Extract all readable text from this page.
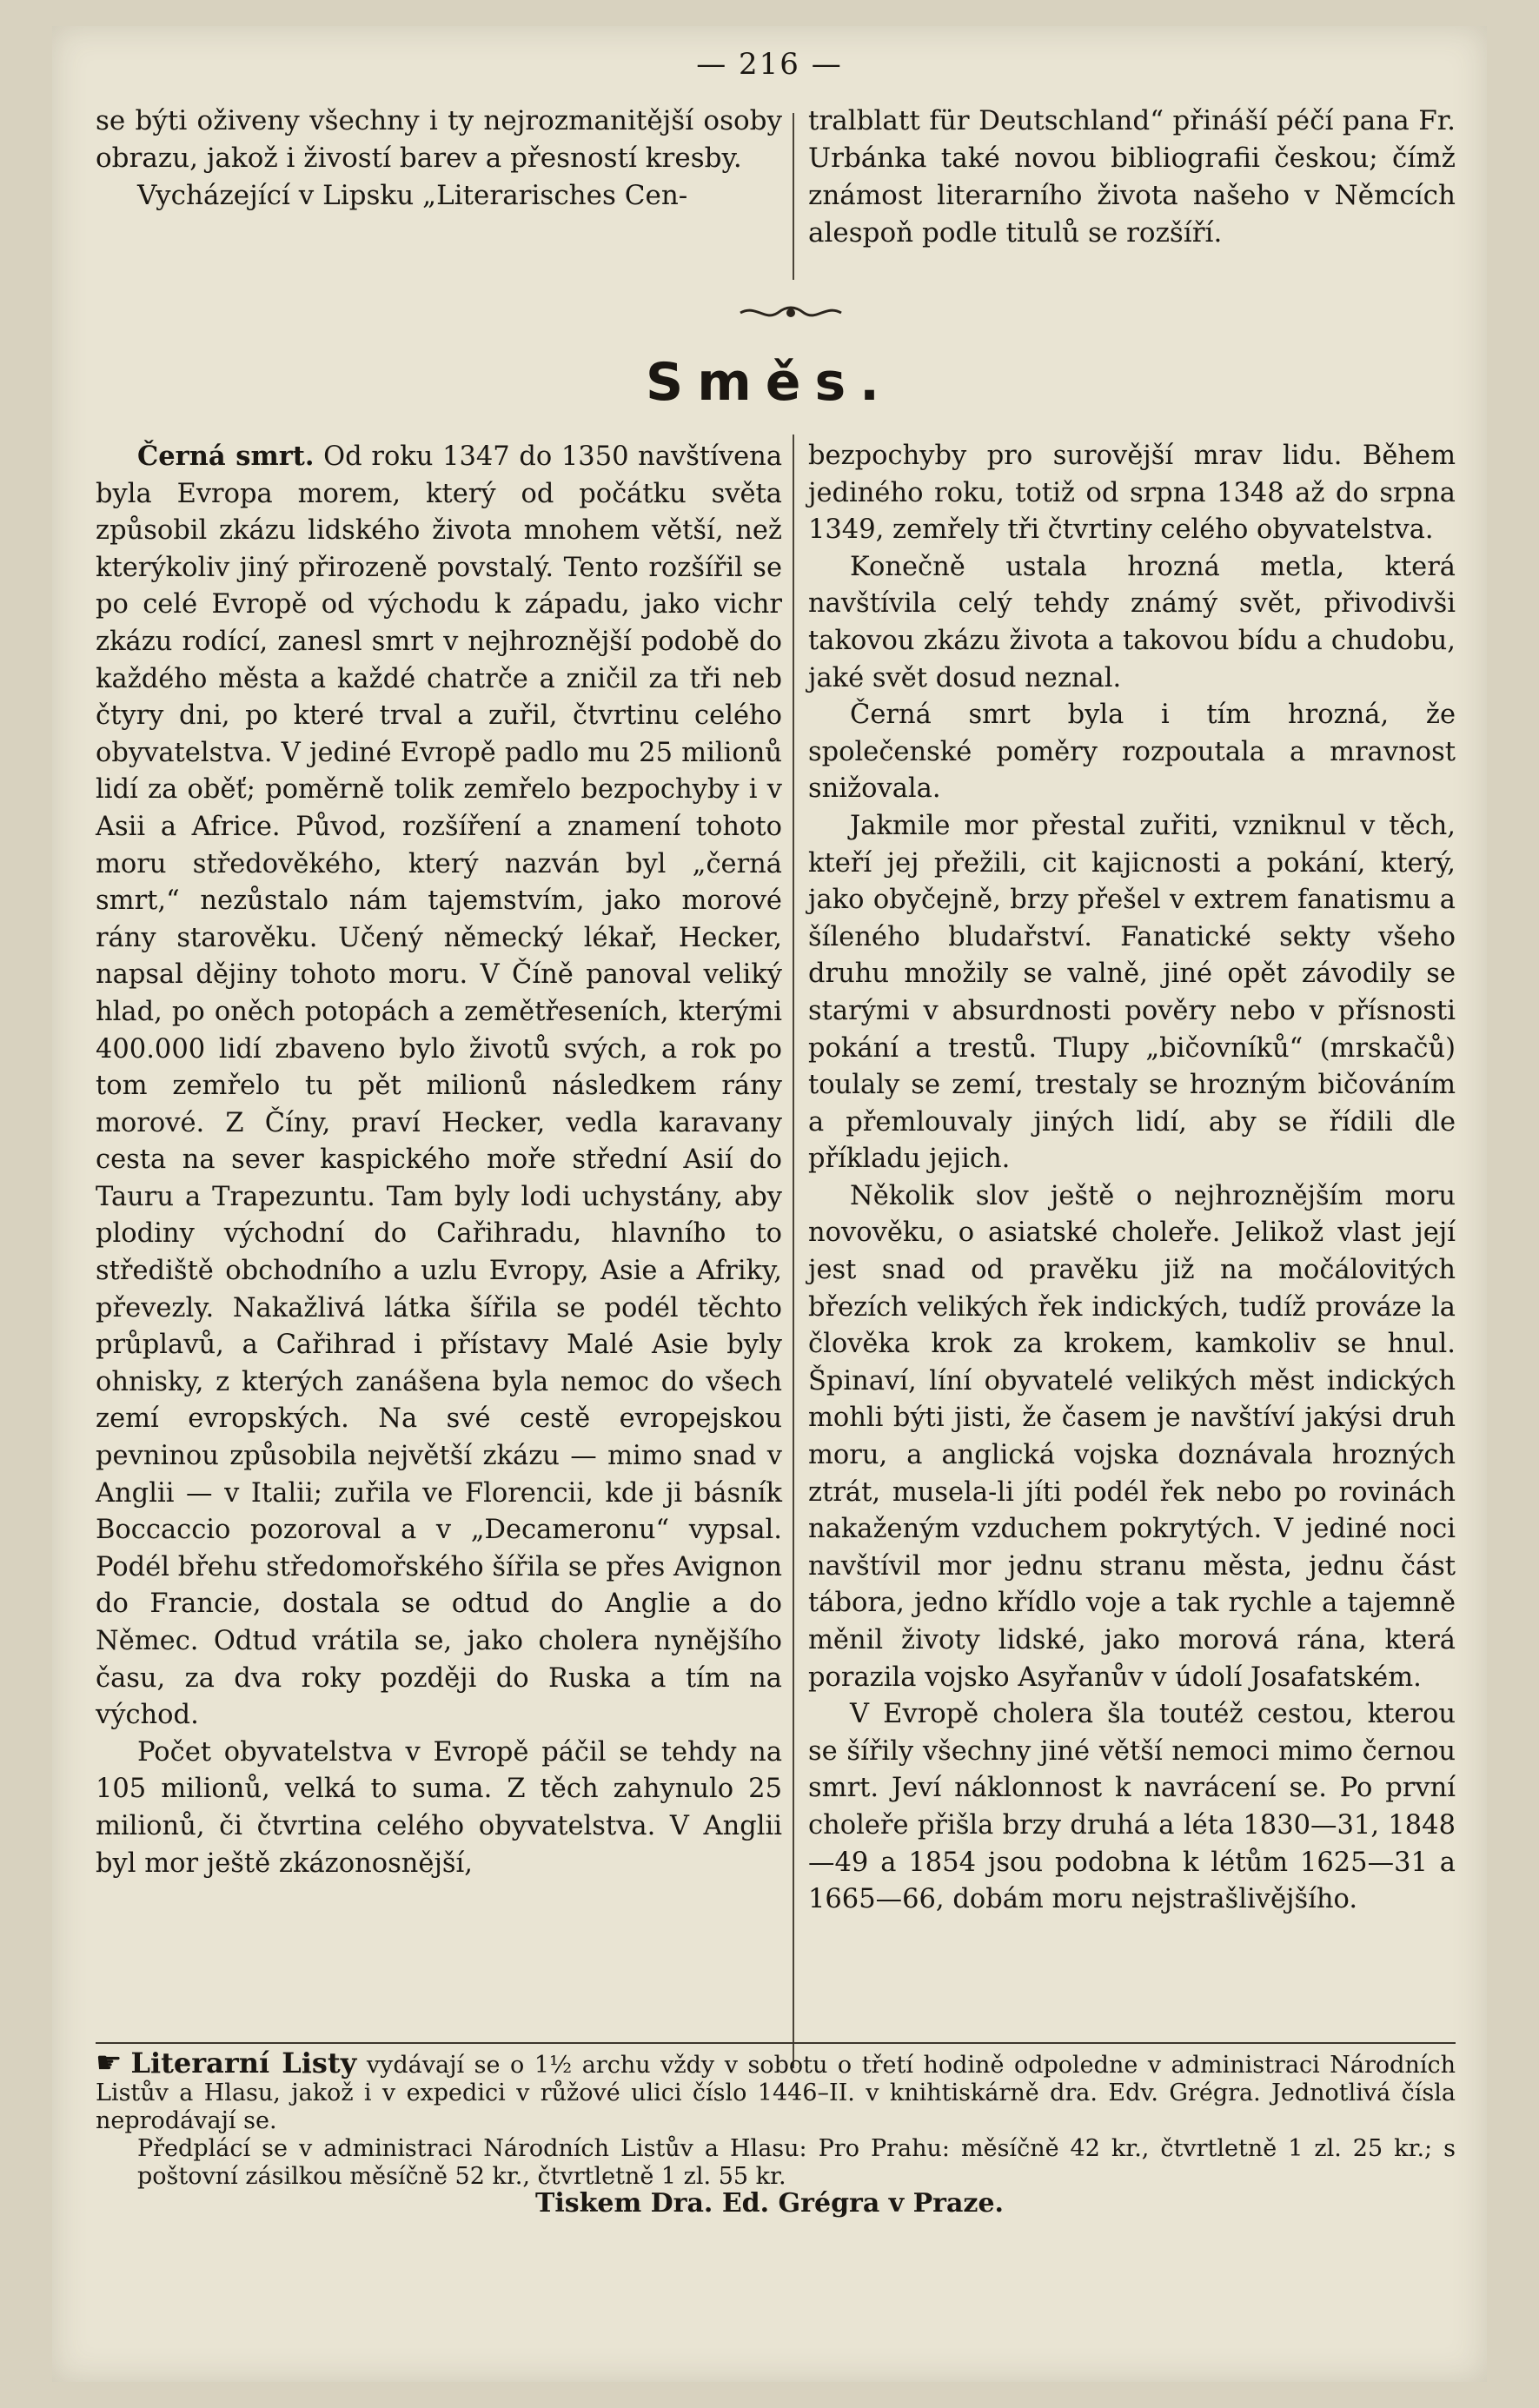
— 216 —

se býti oživeny všechny i ty nejrozmanitější osoby obrazu, jakož i živostí barev a přesností kresby.

Vycházející v Lipsku „Literarisches Cen-

tralblatt für Deutschland“ přináší péčí pana Fr. Urbánka také novou bibliografii českou; čímž známost literarního života našeho v Němcích alespoň podle titulů se rozšíří.

Směs.

Černá smrt. Od roku 1347 do 1350 navštívena byla Evropa morem, který od počátku světa způsobil zkázu lidského života mnohem větší, než kterýkoliv jiný přirozeně povstalý. Tento rozšířil se po celé Evropě od východu k západu, jako vichr zkázu rodící, zanesl smrt v nejhroznější podobě do každého města a každé chatrče a zničil za tři neb čtyry dni, po které trval a zuřil, čtvrtinu celého obyvatelstva. V jediné Evropě padlo mu 25 milionů lidí za oběť; poměrně tolik zemřelo bezpochyby i v Asii a Africe. Původ, rozšíření a znamení tohoto moru středověkého, který nazván byl „černá smrt,“ nezůstalo nám tajemstvím, jako morové rány starověku. Učený německý lékař, Hecker, napsal dějiny tohoto moru. V Číně panoval veliký hlad, po oněch potopách a zemětřeseních, kterými 400.000 lidí zbaveno bylo životů svých, a rok po tom zemřelo tu pět milionů následkem rány morové. Z Číny, praví Hecker, vedla karavany cesta na sever kaspického moře střední Asií do Tauru a Trapezuntu. Tam byly lodi uchystány, aby plodiny východní do Cařihradu, hlavního to střediště obchodního a uzlu Evropy, Asie a Afriky, převezly. Nakažlivá látka šířila se podél těchto průplavů, a Cařihrad i přístavy Malé Asie byly ohnisky, z kterých zanášena byla nemoc do všech zemí evropských. Na své cestě evropejskou pevninou způsobila největší zkázu — mimo snad v Anglii — v Italii; zuřila ve Florencii, kde ji básník Boccaccio pozoroval a v „Decameronu“ vypsal. Podél břehu středomořského šířila se přes Avignon do Francie, dostala se odtud do Anglie a do Němec. Odtud vrátila se, jako cholera nynějšího času, za dva roky později do Ruska a tím na východ.

Počet obyvatelstva v Evropě páčil se tehdy na 105 milionů, velká to suma. Z těch zahynulo 25 milionů, či čtvrtina celého obyvatelstva. V Anglii byl mor ještě zkázonosnější,

bezpochyby pro surovější mrav lidu. Během jediného roku, totiž od srpna 1348 až do srpna 1349, zemřely tři čtvrtiny celého obyvatelstva.

Konečně ustala hrozná metla, která navštívila celý tehdy známý svět, přivodivši takovou zkázu života a takovou bídu a chudobu, jaké svět dosud neznal.

Černá smrt byla i tím hrozná, že společenské poměry rozpoutala a mravnost snižovala.

Jakmile mor přestal zuřiti, vzniknul v těch, kteří jej přežili, cit kajicnosti a pokání, který, jako obyčejně, brzy přešel v extrem fanatismu a šíleného bludařství. Fanatické sekty všeho druhu množily se valně, jiné opět závodily se starými v absurdnosti pověry nebo v přísnosti pokání a trestů. Tlupy „bičovníků“ (mrskačů) toulaly se zemí, trestaly se hrozným bičováním a přemlouvaly jiných lidí, aby se řídili dle příkladu jejich.

Několik slov ještě o nejhroznějším moru novověku, o asiatské choleře. Jelikož vlast její jest snad od pravěku již na močálovitých březích velikých řek indických, tudíž prováze la člověka krok za krokem, kamkoliv se hnul. Špinaví, líní obyvatelé velikých měst indických mohli býti jisti, že časem je navštíví jakýsi druh moru, a anglická vojska doznávala hrozných ztrát, musela-li jíti podél řek nebo po rovinách nakaženým vzduchem pokrytých. V jediné noci navštívil mor jednu stranu města, jednu část tábora, jedno křídlo voje a tak rychle a tajemně měnil životy lidské, jako morová rána, která porazila vojsko Asyřanův v údolí Josafatském.

V Evropě cholera šla toutéž cestou, kterou se šířily všechny jiné větší nemoci mimo černou smrt. Jeví náklonnost k navrácení se. Po první choleře přišla brzy druhá a léta 1830—31, 1848—49 a 1854 jsou podobna k létům 1625—31 a 1665—66, dobám moru nejstrašlivějšího.

☛ Literarní Listy vydávají se o 1½ archu vždy v sobotu o třetí hodině odpoledne v administraci Národních Listův a Hlasu, jakož i v expedici v růžové ulici číslo 1446–II. v knihtiskárně dra. Edv. Grégra. Jednotlivá čísla neprodávají se.
Předplácí se v administraci Národních Listův a Hlasu: Pro Prahu: měsíčně 42 kr., čtvrtletně 1 zl. 25 kr.; s poštovní zásilkou měsíčně 52 kr., čtvrtletně 1 zl. 55 kr.
Tiskem Dra. Ed. Grégra v Praze.
